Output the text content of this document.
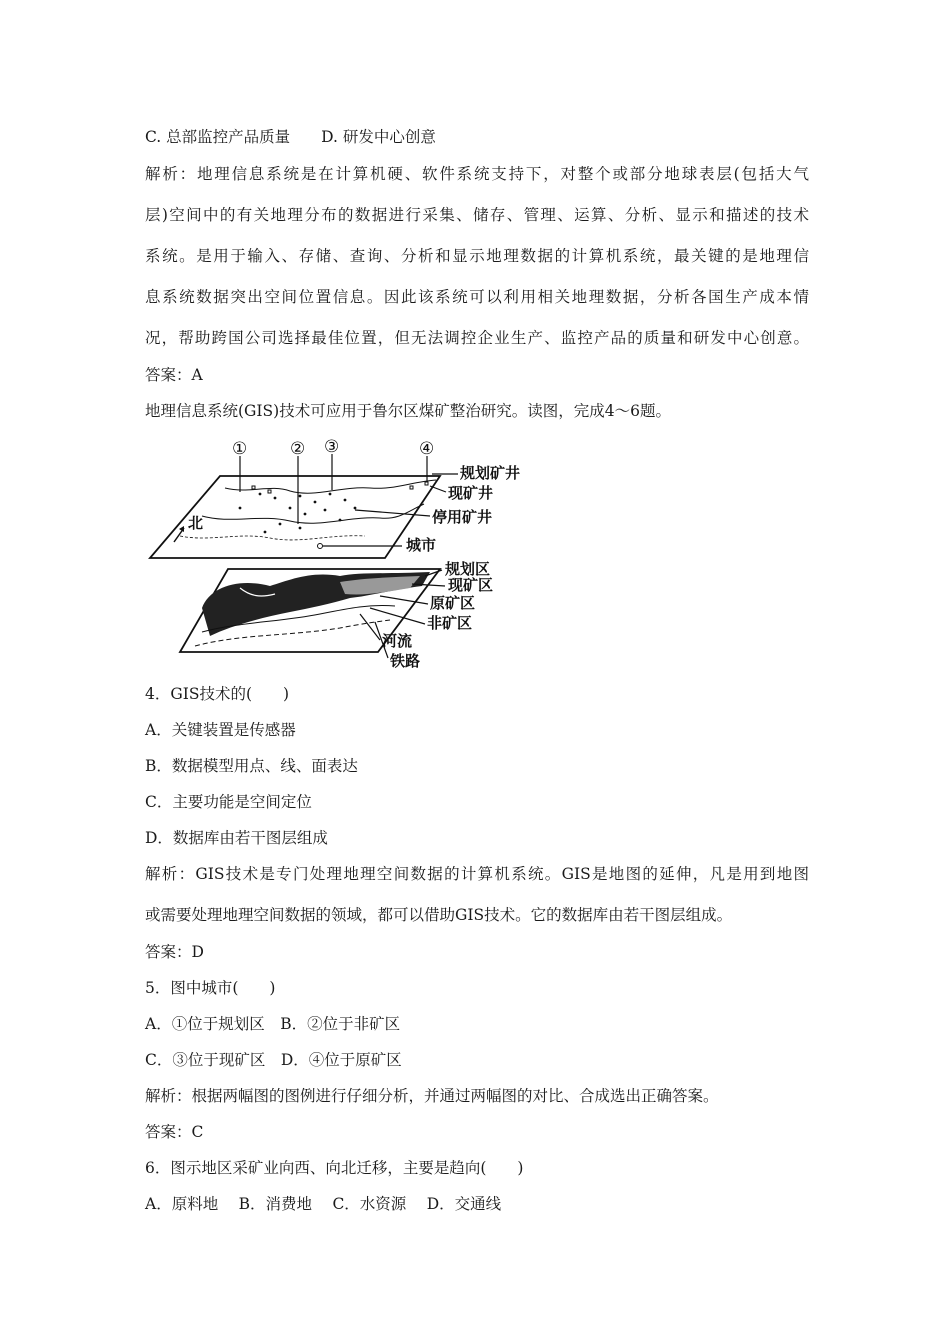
C. 总部监控产品质量　　D. 研发中心创意
解析：地理信息系统是在计算机硬、软件系统支持下，对整个或部分地球表层(包括大气
层)空间中的有关地理分布的数据进行采集、储存、管理、运算、分析、显示和描述的技术
系统。是用于输入、存储、查询、分析和显示地理数据的计算机系统，最关键的是地理信
息系统数据突出空间位置信息。因此该系统可以利用相关地理数据，分析各国生产成本情
况，帮助跨国公司选择最佳位置，但无法调控企业生产、监控产品的质量和研发中心创意。
答案：A
地理信息系统(GIS)技术可应用于鲁尔区煤矿整治研究。读图，完成4～6题。
北
①	② ③	④
规划矿井
现矿井
停用矿井
城市
规划区
现矿区
原矿区
非矿区
河流
铁路
4．GIS技术的(　　)
A．关键装置是传感器
B．数据模型用点、线、面表达
C．主要功能是空间定位
D．数据库由若干图层组成
解析：GIS技术是专门处理地理空间数据的计算机系统。GIS是地图的延伸，凡是用到地图
或需要处理地理空间数据的领域，都可以借助GIS技术。它的数据库由若干图层组成。
答案：D
5．图中城市(　　)
A．①位于规划区　B．②位于非矿区
C．③位于现矿区　D．④位于原矿区
解析：根据两幅图的图例进行仔细分析，并通过两幅图的对比、合成选出正确答案。
答案：C
6．图示地区采矿业向西、向北迁移，主要是趋向(　　)
A．原料地　 B．消费地　 C．水资源　 D．交通线
